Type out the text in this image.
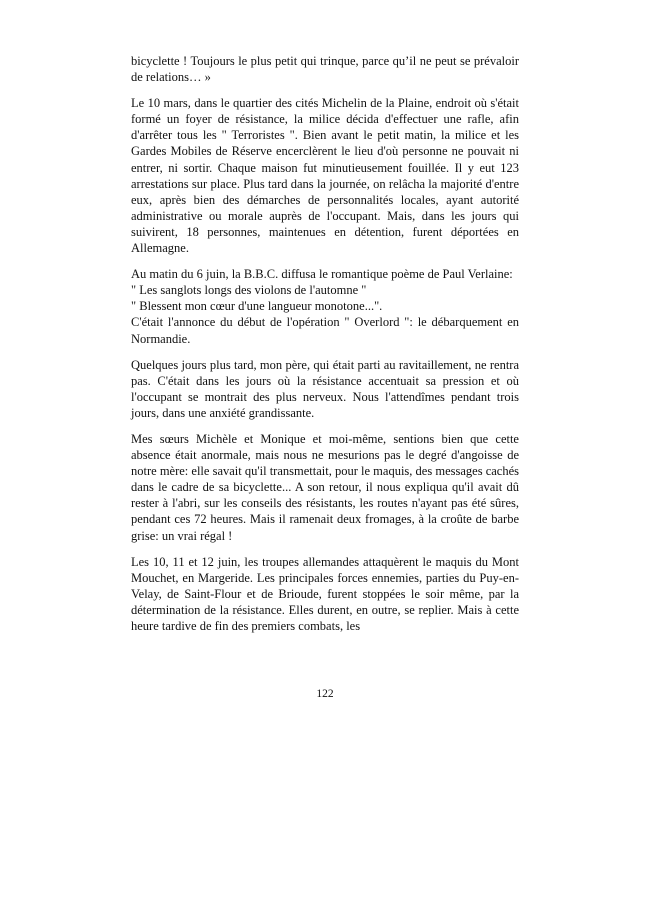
bicyclette ! Toujours le plus petit qui trinque, parce qu’il ne peut se prévaloir de relations… »

Le 10 mars, dans le quartier des cités Michelin de la Plaine, endroit où s'était formé un foyer de résistance, la milice décida d'effectuer une rafle, afin d'arrêter tous les " Terroristes ". Bien avant le petit matin, la milice et les Gardes Mobiles de Réserve encerclèrent le lieu d'où personne ne pouvait ni entrer, ni sortir. Chaque maison fut minutieusement fouillée. Il y eut 123 arrestations sur place. Plus tard dans la journée, on relâcha la majorité d'entre eux, après bien des démarches de personnalités locales, ayant autorité administrative ou morale auprès de l'occupant. Mais, dans les jours qui suivirent, 18 personnes, maintenues en détention, furent déportées en Allemagne.

Au matin du 6 juin, la B.B.C. diffusa le romantique poème de Paul Verlaine:
" Les sanglots longs des violons de l'automne "
" Blessent mon cœur d'une langueur monotone...".
C'était l'annonce du début de l'opération " Overlord ": le débarquement en Normandie.

Quelques jours plus tard, mon père, qui était parti au ravitaillement, ne rentra pas. C'était dans les jours où la résistance accentuait sa pression et où l'occupant se montrait des plus nerveux. Nous l'attendîmes pendant trois jours, dans une anxiété grandissante.

Mes sœurs Michèle et Monique et moi-même, sentions bien que cette absence était anormale, mais nous ne mesurions pas le degré d'angoisse de notre mère: elle savait qu'il transmettait, pour le maquis, des messages cachés dans le cadre de sa bicyclette... A son retour, il nous expliqua qu'il avait dû rester à l'abri, sur les conseils des résistants, les routes n'ayant pas été sûres, pendant ces 72 heures. Mais il ramenait deux fromages, à la croûte de barbe grise: un vrai régal !

Les 10, 11 et 12 juin, les troupes allemandes attaquèrent le maquis du Mont Mouchet, en Margeride. Les principales forces ennemies, parties du Puy-en-Velay, de Saint-Flour et de Brioude, furent stoppées le soir même, par la détermination de la résistance. Elles durent, en outre, se replier. Mais à cette heure tardive de fin des premiers combats, les

122
